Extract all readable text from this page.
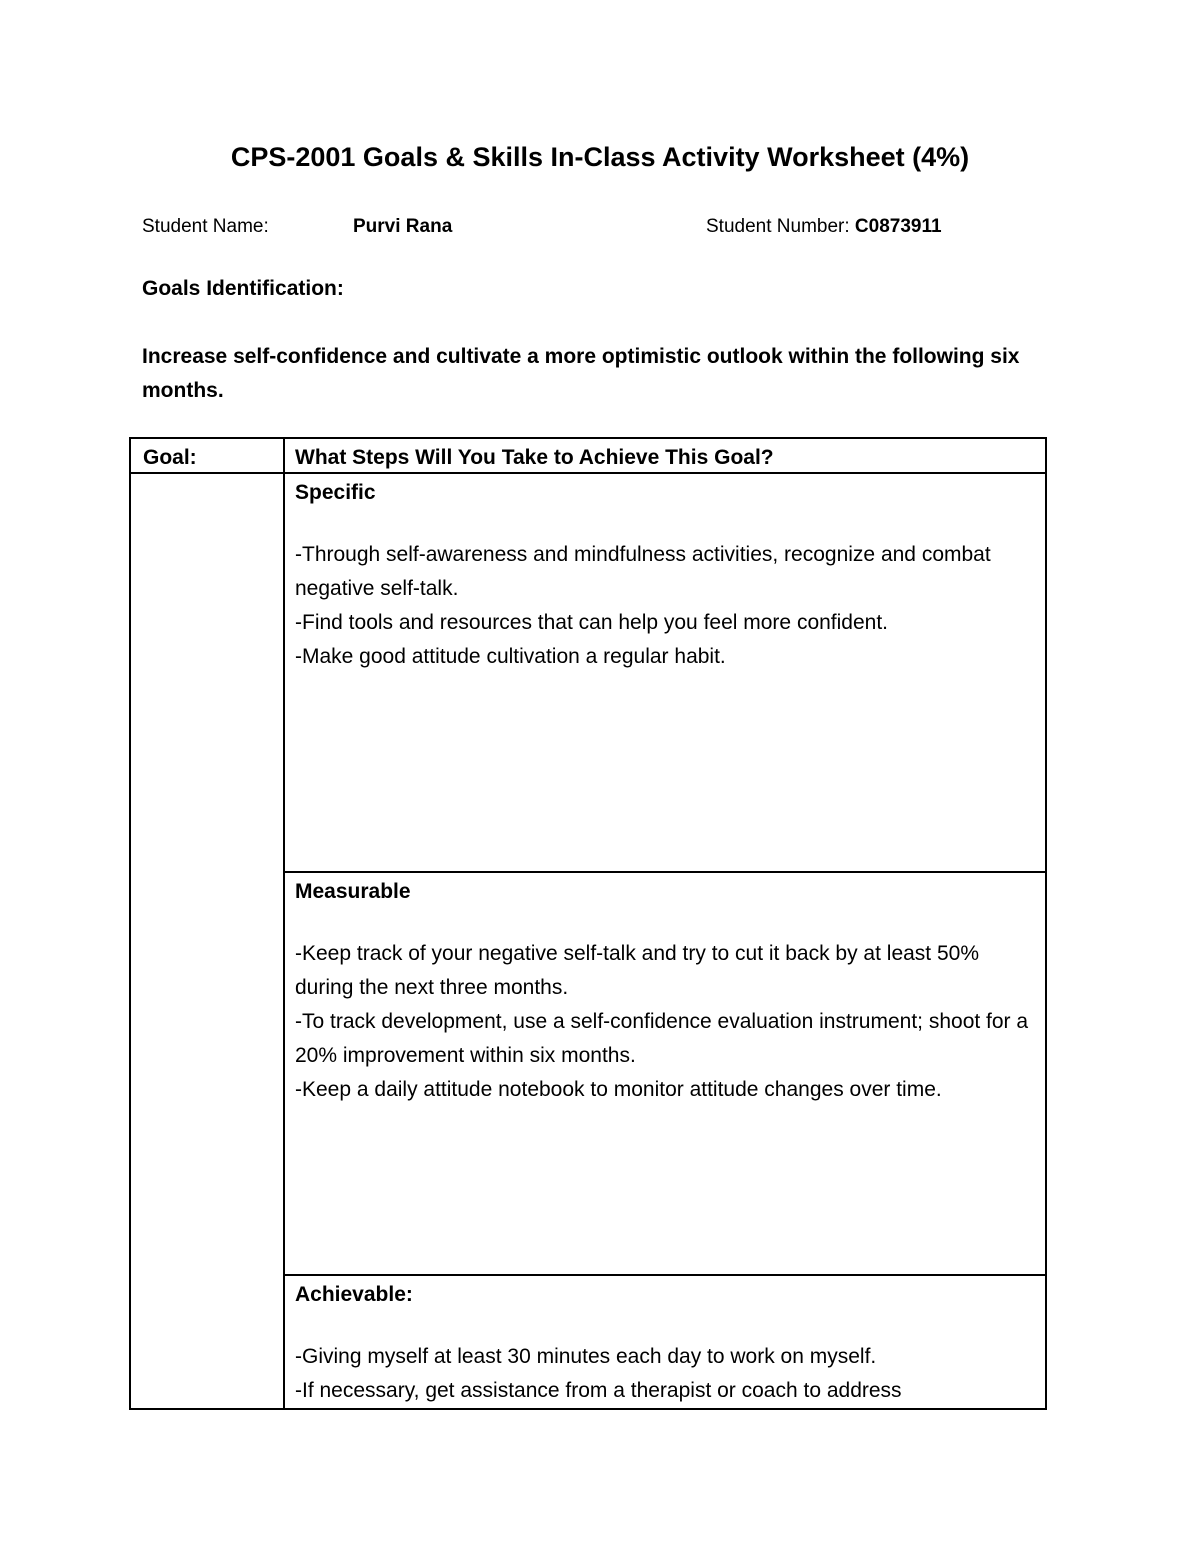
CPS-2001 Goals & Skills In-Class Activity Worksheet (4%)
Student Name:	Purvi Rana	Student Number: C0873911
Goals Identification:
Increase self-confidence and cultivate a more optimistic outlook within the following six months.
Goal:	What Steps Will You Take to Achieve This Goal?
Specific
-Through self-awareness and mindfulness activities, recognize and combat negative self-talk.
-Find tools and resources that can help you feel more confident.
-Make good attitude cultivation a regular habit.
Measurable
-Keep track of your negative self-talk and try to cut it back by at least 50% during the next three months.
-To track development, use a self-confidence evaluation instrument; shoot for a 20% improvement within six months.
-Keep a daily attitude notebook to monitor attitude changes over time.
Achievable:
-Giving myself at least 30 minutes each day to work on myself.
-If necessary, get assistance from a therapist or coach to address
